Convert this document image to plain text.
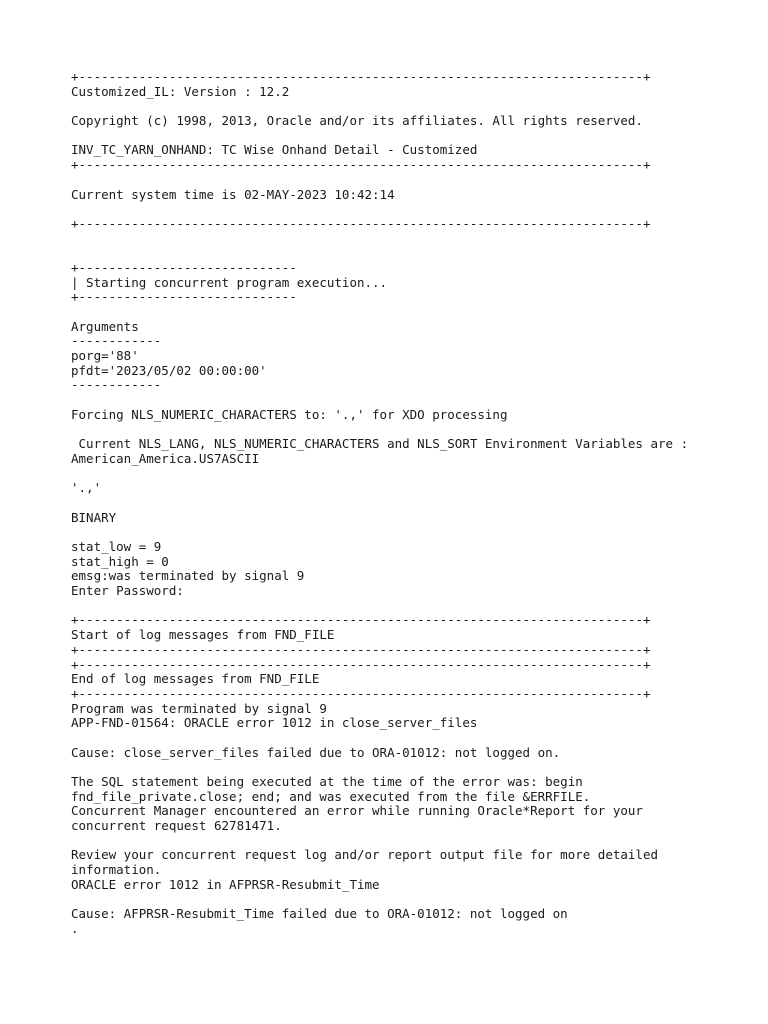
+---------------------------------------------------------------------------+
Customized_IL: Version : 12.2
Copyright (c) 1998, 2013, Oracle and/or its affiliates. All rights reserved.
INV_TC_YARN_ONHAND: TC Wise Onhand Detail - Customized
+---------------------------------------------------------------------------+
Current system time is 02-MAY-2023 10:42:14
+---------------------------------------------------------------------------+
+-----------------------------
| Starting concurrent program execution...
+-----------------------------
Arguments
------------
porg='88'
pfdt='2023/05/02 00:00:00'
------------
Forcing NLS_NUMERIC_CHARACTERS to: '.,' for XDO processing
Current NLS_LANG, NLS_NUMERIC_CHARACTERS and NLS_SORT Environment Variables are :
American_America.US7ASCII
'.,'
BINARY
stat_low = 9
stat_high = 0
emsg:was terminated by signal 9
Enter Password:
+---------------------------------------------------------------------------+
Start of log messages from FND_FILE
+---------------------------------------------------------------------------+
+---------------------------------------------------------------------------+
End of log messages from FND_FILE
+---------------------------------------------------------------------------+
Program was terminated by signal 9
APP-FND-01564: ORACLE error 1012 in close_server_files
Cause: close_server_files failed due to ORA-01012: not logged on.
The SQL statement being executed at the time of the error was: begin
fnd_file_private.close; end; and was executed from the file &ERRFILE.
Concurrent Manager encountered an error while running Oracle*Report for your
concurrent request 62781471.
Review your concurrent request log and/or report output file for more detailed
information.
ORACLE error 1012 in AFPRSR-Resubmit_Time
Cause: AFPRSR-Resubmit_Time failed due to ORA-01012: not logged on
.
